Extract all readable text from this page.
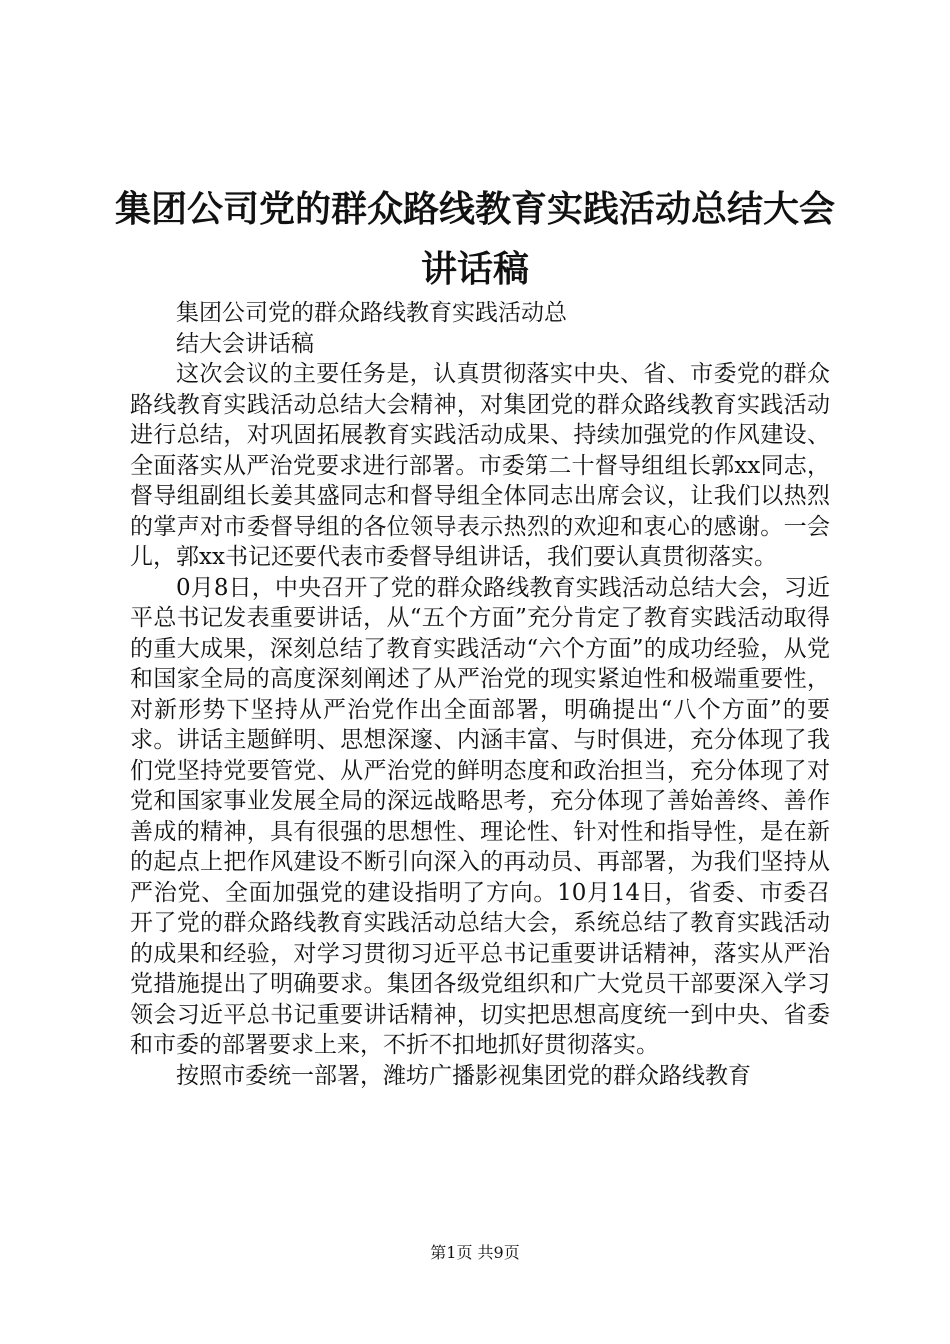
集团公司党的群众路线教育实践活动总结大会
讲话稿

集团公司党的群众路线教育实践活动总

结大会讲话稿

这次会议的主要任务是，认真贯彻落实中央、省、市委党的群众路线教育实践活动总结大会精神，对集团党的群众路线教育实践活动进行总结，对巩固拓展教育实践活动成果、持续加强党的作风建设、全面落实从严治党要求进行部署。市委第二十督导组组长郭xx同志，督导组副组长姜其盛同志和督导组全体同志出席会议，让我们以热烈的掌声对市委督导组的各位领导表示热烈的欢迎和衷心的感谢。一会儿，郭xx书记还要代表市委督导组讲话，我们要认真贯彻落实。

0月8日，中央召开了党的群众路线教育实践活动总结大会，习近平总书记发表重要讲话，从“五个方面”充分肯定了教育实践活动取得的重大成果，深刻总结了教育实践活动“六个方面”的成功经验，从党和国家全局的高度深刻阐述了从严治党的现实紧迫性和极端重要性，对新形势下坚持从严治党作出全面部署，明确提出“八个方面”的要求。讲话主题鲜明、思想深邃、内涵丰富、与时俱进，充分体现了我们党坚持党要管党、从严治党的鲜明态度和政治担当，充分体现了对党和国家事业发展全局的深远战略思考，充分体现了善始善终、善作善成的精神，具有很强的思想性、理论性、针对性和指导性，是在新的起点上把作风建设不断引向深入的再动员、再部署，为我们坚持从严治党、全面加强党的建设指明了方向。10月14日，省委、市委召开了党的群众路线教育实践活动总结大会，系统总结了教育实践活动的成果和经验，对学习贯彻习近平总书记重要讲话精神，落实从严治党措施提出了明确要求。集团各级党组织和广大党员干部要深入学习领会习近平总书记重要讲话精神，切实把思想高度统一到中央、省委和市委的部署要求上来，不折不扣地抓好贯彻落实。

按照市委统一部署，潍坊广播影视集团党的群众路线教育

第1页 共9页
